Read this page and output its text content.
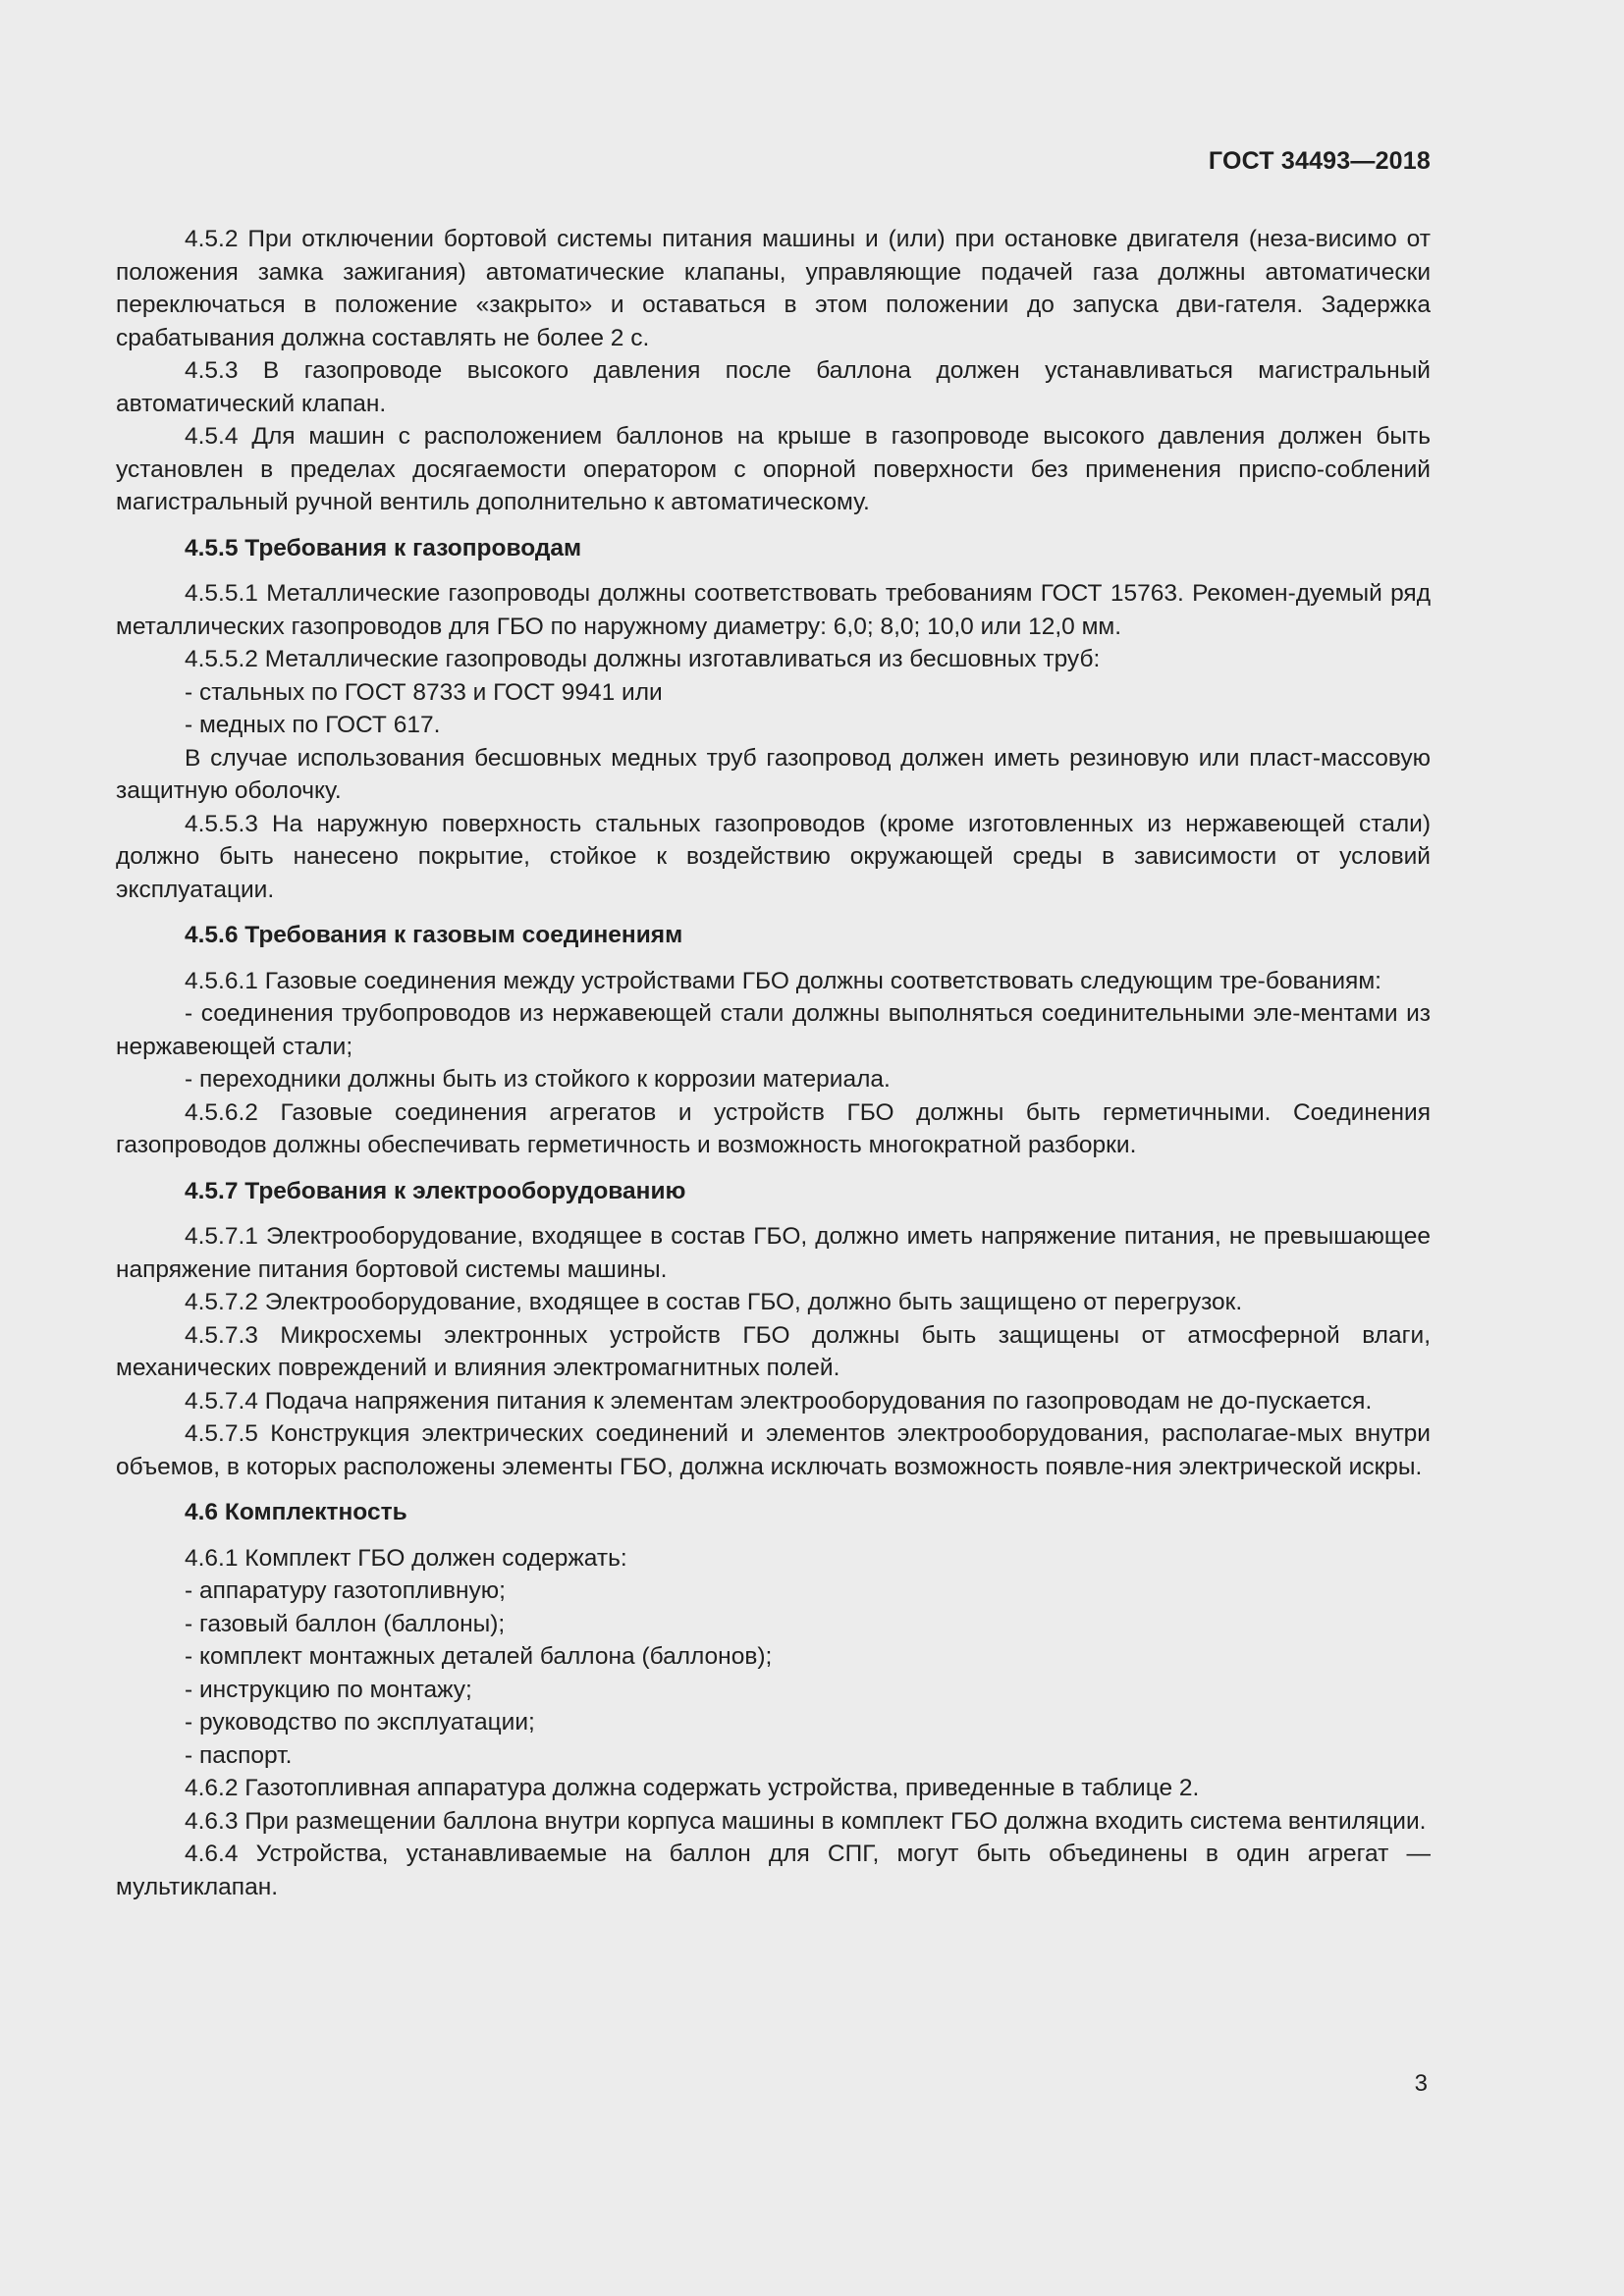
ГОСТ 34493—2018
4.5.2 При отключении бортовой системы питания машины и (или) при остановке двигателя (неза-висимо от положения замка зажигания) автоматические клапаны, управляющие подачей газа должны автоматически переключаться в положение «закрыто» и оставаться в этом положении до запуска дви-гателя. Задержка срабатывания должна составлять не более 2 с.
4.5.3 В газопроводе высокого давления после баллона должен устанавливаться магистральный автоматический клапан.
4.5.4 Для машин с расположением баллонов на крыше в газопроводе высокого давления должен быть установлен в пределах досягаемости оператором с опорной поверхности без применения приспо-соблений магистральный ручной вентиль дополнительно к автоматическому.
4.5.5 Требования к газопроводам
4.5.5.1 Металлические газопроводы должны соответствовать требованиям ГОСТ 15763. Рекомен-дуемый ряд металлических газопроводов для ГБО по наружному диаметру: 6,0; 8,0; 10,0 или 12,0 мм.
4.5.5.2 Металлические газопроводы должны изготавливаться из бесшовных труб:
- стальных по ГОСТ 8733 и ГОСТ 9941 или
- медных по ГОСТ 617.
В случае использования бесшовных медных труб газопровод должен иметь резиновую или пласт-массовую защитную оболочку.
4.5.5.3 На наружную поверхность стальных газопроводов (кроме изготовленных из нержавеющей стали) должно быть нанесено покрытие, стойкое к воздействию окружающей среды в зависимости от условий эксплуатации.
4.5.6 Требования к газовым соединениям
4.5.6.1 Газовые соединения между устройствами ГБО должны соответствовать следующим тре-бованиям:
- соединения трубопроводов из нержавеющей стали должны выполняться соединительными эле-ментами из нержавеющей стали;
- переходники должны быть из стойкого к коррозии материала.
4.5.6.2 Газовые соединения агрегатов и устройств ГБО должны быть герметичными. Соединения газопроводов должны обеспечивать герметичность и возможность многократной разборки.
4.5.7 Требования к электрооборудованию
4.5.7.1 Электрооборудование, входящее в состав ГБО, должно иметь напряжение питания, не превышающее напряжение питания бортовой системы машины.
4.5.7.2 Электрооборудование, входящее в состав ГБО, должно быть защищено от перегрузок.
4.5.7.3 Микросхемы электронных устройств ГБО должны быть защищены от атмосферной влаги, механических повреждений и влияния электромагнитных полей.
4.5.7.4 Подача напряжения питания к элементам электрооборудования по газопроводам не до-пускается.
4.5.7.5 Конструкция электрических соединений и элементов электрооборудования, располагае-мых внутри объемов, в которых расположены элементы ГБО, должна исключать возможность появле-ния электрической искры.
4.6 Комплектность
4.6.1 Комплект ГБО должен содержать:
- аппаратуру газотопливную;
- газовый баллон (баллоны);
- комплект монтажных деталей баллона (баллонов);
- инструкцию по монтажу;
- руководство по эксплуатации;
- паспорт.
4.6.2 Газотопливная аппаратура должна содержать устройства, приведенные в таблице 2.
4.6.3 При размещении баллона внутри корпуса машины в комплект ГБО должна входить система вентиляции.
4.6.4 Устройства, устанавливаемые на баллон для СПГ, могут быть объединены в один агрегат — мультиклапан.
3
